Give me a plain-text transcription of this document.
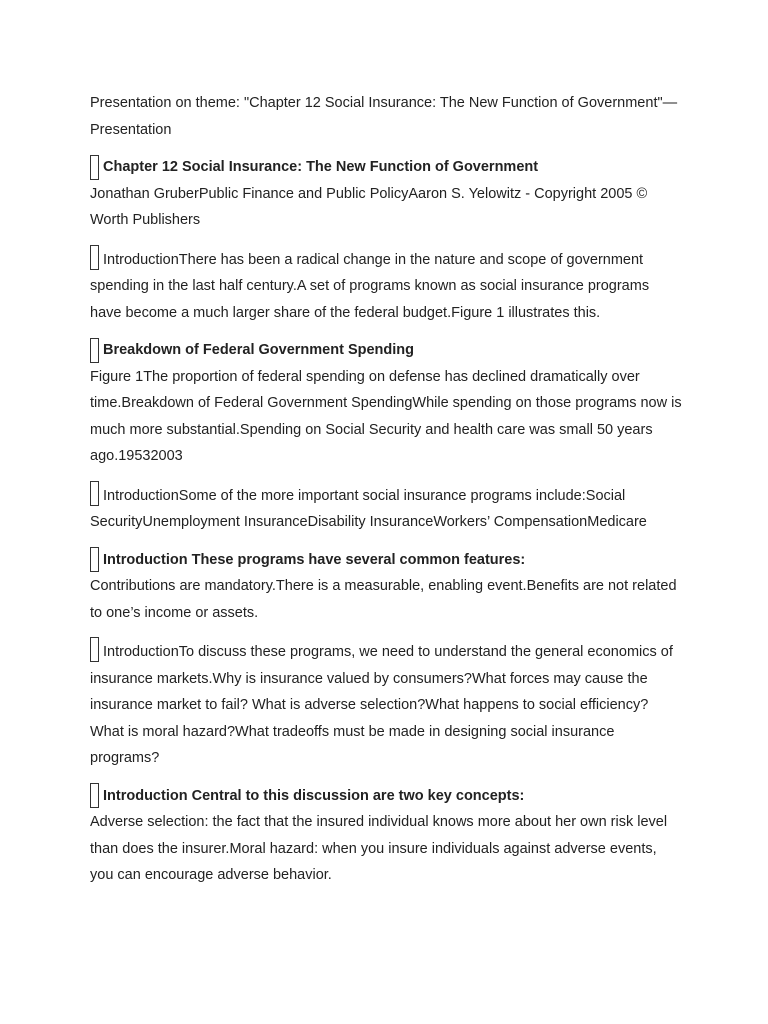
Presentation on theme: "Chapter 12 Social Insurance: The New Function of Government"— Presentation

Chapter 12 Social Insurance: The New Function of Government

Jonathan GruberPublic Finance and Public PolicyAaron S. Yelowitz - Copyright 2005 © Worth Publishers

IntroductionThere has been a radical change in the nature and scope of government spending in the last half century.A set of programs known as social insurance programs have become a much larger share of the federal budget.Figure 1 illustrates this.

Breakdown of Federal Government Spending

Figure 1The proportion of federal spending on defense has declined dramatically over time.Breakdown of Federal Government SpendingWhile spending on those programs now is much more substantial.Spending on Social Security and health care was small 50 years ago.19532003

IntroductionSome of the more important social insurance programs include:Social SecurityUnemployment InsuranceDisability InsuranceWorkers’ CompensationMedicare

Introduction These programs have several common features:

Contributions are mandatory.There is a measurable, enabling event.Benefits are not related to one’s income or assets.

IntroductionTo discuss these programs, we need to understand the general economics of insurance markets.Why is insurance valued by consumers?What forces may cause the insurance market to fail? What is adverse selection?What happens to social efficiency? What is moral hazard?What tradeoffs must be made in designing social insurance programs?

Introduction Central to this discussion are two key concepts:

Adverse selection: the fact that the insured individual knows more about her own risk level than does the insurer.Moral hazard: when you insure individuals against adverse events, you can encourage adverse behavior.
